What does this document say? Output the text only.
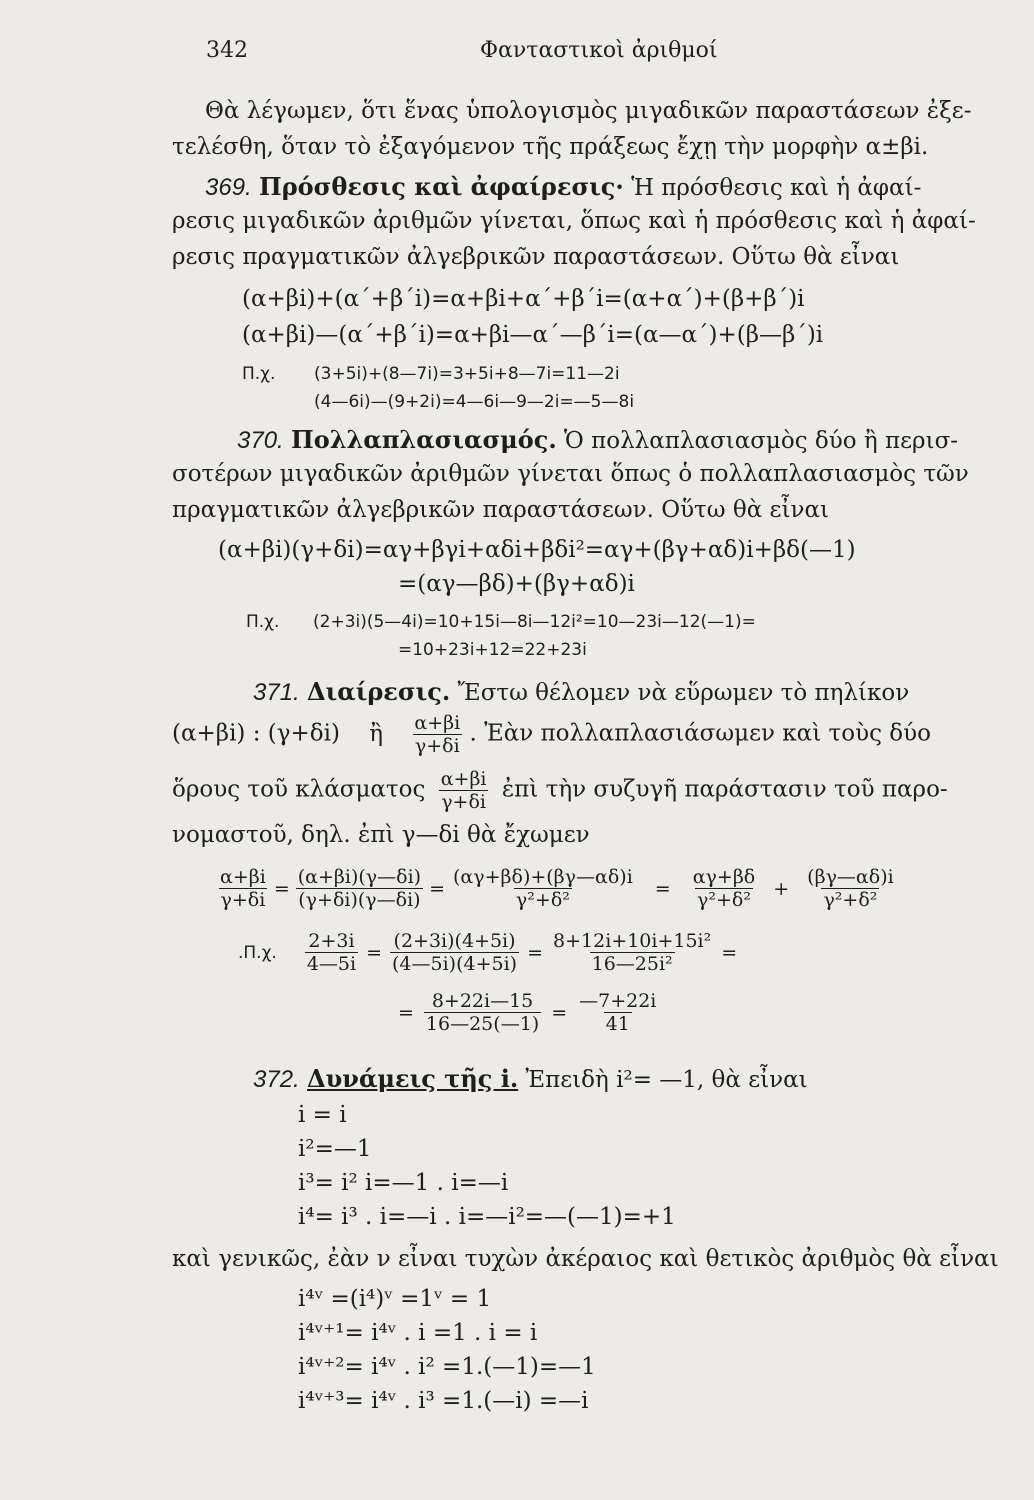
342	Φανταστικοὶ ἀριθμοί
Θὰ λέγωμεν, ὅτι ἕνας ὑπολογισμὸς μιγαδικῶν παραστάσεων ἐξε-
τελέσθη, ὅταν τὸ ἐξαγόμενον τῆς πράξεως ἔχῃ τὴν μορφὴν α±βi.
369. Πρόσθεσις καὶ ἀφαίρεσις· Ἡ πρόσθεσις καὶ ἡ ἀφαί-
ρεσις μιγαδικῶν ἀριθμῶν γίνεται, ὅπως καὶ ἡ πρόσθεσις καὶ ἡ ἀφαί-
ρεσις πραγματικῶν ἀλγεβρικῶν παραστάσεων. Οὕτω θὰ εἶναι
(α+βi)+(α΄+β΄i)=α+βi+α΄+β΄i=(α+α΄)+(β+β΄)i
(α+βi)—(α΄+β΄i)=α+βi—α΄—β΄i=(α—α΄)+(β—β΄)i
Π.χ. (3+5i)+(8—7i)=3+5i+8—7i=11—2i
(4—6i)—(9+2i)=4—6i—9—2i=—5—8i
370. Πολλαπλασιασμός. Ὁ πολλαπλασιασμὸς δύο ἢ περισ-
σοτέρων μιγαδικῶν ἀριθμῶν γίνεται ὅπως ὁ πολλαπλασιασμὸς τῶν
πραγματικῶν ἀλγεβρικῶν παραστάσεων. Οὕτω θὰ εἶναι
(α+βi)(γ+δi)=αγ+βγi+αδi+βδi²=αγ+(βγ+αδ)i+βδ(—1)
=(αγ—βδ)+(βγ+αδ)i
Π.χ. (2+3i)(5—4i)=10+15i—8i—12i²=10—23i—12(—1)=
=10+23i+12=22+23i
371. Διαίρεσις. Ἔστω θέλομεν νὰ εὕρωμεν τὸ πηλίκον
(α+βi) : (γ+δi) ἢ $\frac{\alpha+\beta i}{\gamma+\delta i}$ . Ἐὰν πολλαπλασιάσωμεν καὶ τοὺς δύο
ὅρους τοῦ κλάσματος $\frac{\alpha+\beta i}{\gamma+\delta i}$ ἐπὶ τὴν συζυγῆ παράστασιν τοῦ παρο-
νομαστοῦ, δηλ. ἐπὶ γ—δi θὰ ἔχωμεν
$\frac{\alpha+\beta i}{\gamma+\delta i} = \frac{(\alpha+\beta i)(\gamma—\delta i)}{(\gamma+\delta i)(\gamma—\delta i)} = \frac{(\alpha\gamma+\beta\delta)+(\beta\gamma—\alpha\delta)i}{\text{γ²+δ²}} = \frac{\alpha\gamma+\beta\delta}{\text{γ²+δ²}} + \frac{(\beta\gamma—\alpha\delta)i}{\text{γ²+δ²}}$
.Π.χ. $\frac{2+3i}{4—5i} = \frac{(2+3i)(4+5i)}{(4—5i)(4+5i)} = \frac{\text{8+12i+10i+15i²}}{\text{16—25i²}}$ =
= $\frac{8+22i—15}{16—25(—1)} = \frac{—7+22i}{41}$
372. Δυνάμεις τῆς i. Ἐπειδὴ i²= —1, θὰ εἶναι
i = i
i²=—1
i³= i² i=—1 . i=—i
i⁴= i³ . i=—i . i=—i²=—(—1)=+1
καὶ γενικῶς, ἐὰν ν εἶναι τυχὼν ἀκέραιος καὶ θετικὸς ἀριθμὸς θὰ εἶναι
i⁴ᵛ =(i⁴)ᵛ =1ᵛ = 1
i⁴ᵛ⁺¹= i⁴ᵛ . i =1 . i = i
i⁴ᵛ⁺²= i⁴ᵛ . i² =1.(—1)=—1
i⁴ᵛ⁺³= i⁴ᵛ . i³ =1.(—i) =—i
